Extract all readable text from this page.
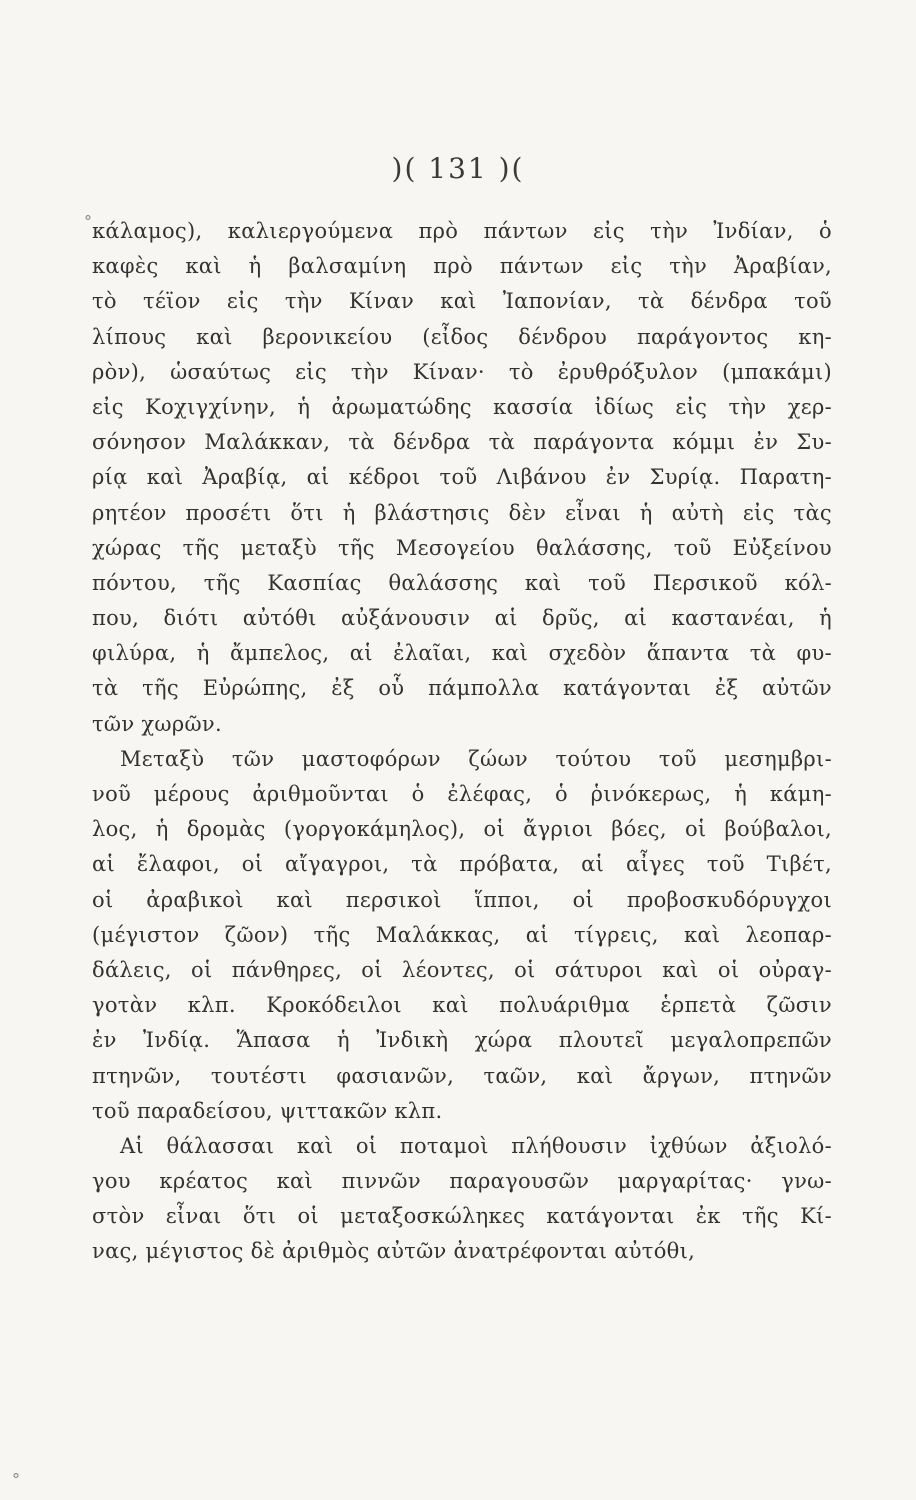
)( 131 )(
κάλαμος), καλιεργούμενα πρὸ πάντων εἰς τὴν Ἰνδίαν, ὁ
καφὲς καὶ ἡ βαλσαμίνη πρὸ πάντων εἰς τὴν Ἀραβίαν,
τὸ τέϊον εἰς τὴν Κίναν καὶ Ἰαπονίαν, τὰ δένδρα τοῦ
λίπους καὶ βερονικείου (εἶδος δένδρου παράγοντος κη-
ρὸν), ὡσαύτως εἰς τὴν Κίναν· τὸ ἐρυθρόξυλον (μπακάμι)
εἰς Κοχιγχίνην, ἡ ἀρωματώδης κασσία ἰδίως εἰς τὴν χερ-
σόνησον Μαλάκκαν, τὰ δένδρα τὰ παράγοντα κόμμι ἐν Συ-
ρίᾳ καὶ Ἀραβίᾳ, αἱ κέδροι τοῦ Λιβάνου ἐν Συρίᾳ. Παρατη-
ρητέον προσέτι ὅτι ἡ βλάστησις δὲν εἶναι ἡ αὐτὴ εἰς τὰς
χώρας τῆς μεταξὺ τῆς Μεσογείου θαλάσσης, τοῦ Εὐξείνου
πόντου, τῆς Κασπίας θαλάσσης καὶ τοῦ Περσικοῦ κόλ-
που, διότι αὐτόθι αὐξάνουσιν αἱ δρῦς, αἱ καστανέαι, ἡ
φιλύρα, ἡ ἄμπελος, αἱ ἐλαῖαι, καὶ σχεδὸν ἅπαντα τὰ φυ-
τὰ τῆς Εὐρώπης, ἐξ οὗ πάμπολλα κατάγονται ἐξ αὐτῶν
τῶν χωρῶν.
Μεταξὺ τῶν μαστοφόρων ζώων τούτου τοῦ μεσημβρι-
νοῦ μέρους ἀριθμοῦνται ὁ ἐλέφας, ὁ ῥινόκερως, ἡ κάμη-
λος, ἡ δρομὰς (γοργοκάμηλος), οἱ ἄγριοι βόες, οἱ βούβαλοι,
αἱ ἔλαφοι, οἱ αἴγαγροι, τὰ πρόβατα, αἱ αἶγες τοῦ Τιβέτ,
οἱ ἀραβικοὶ καὶ περσικοὶ ἵπποι, οἱ προβοσκυδόρυγχοι
(μέγιστον ζῶον) τῆς Μαλάκκας, αἱ τίγρεις, καὶ λεοπαρ-
δάλεις, οἱ πάνθηρες, οἱ λέοντες, οἱ σάτυροι καὶ οἱ οὐραγ-
γοτὰν κλπ. Κροκόδειλοι καὶ πολυάριθμα ἑρπετὰ ζῶσιν
ἐν Ἰνδίᾳ. Ἅπασα ἡ Ἰνδικὴ χώρα πλουτεῖ μεγαλοπρεπῶν
πτηνῶν, τουτέστι φασιανῶν, ταῶν, καὶ ἄργων, πτηνῶν
τοῦ παραδείσου, ψιττακῶν κλπ.
Αἱ θάλασσαι καὶ οἱ ποταμοὶ πλήθουσιν ἰχθύων ἀξιολό-
γου κρέατος καὶ πιννῶν παραγουσῶν μαργαρίτας· γνω-
στὸν εἶναι ὅτι οἱ μεταξοσκώληκες κατάγονται ἐκ τῆς Κί-
νας, μέγιστος δὲ ἀριθμὸς αὐτῶν ἀνατρέφονται αὐτόθι,
°
°
